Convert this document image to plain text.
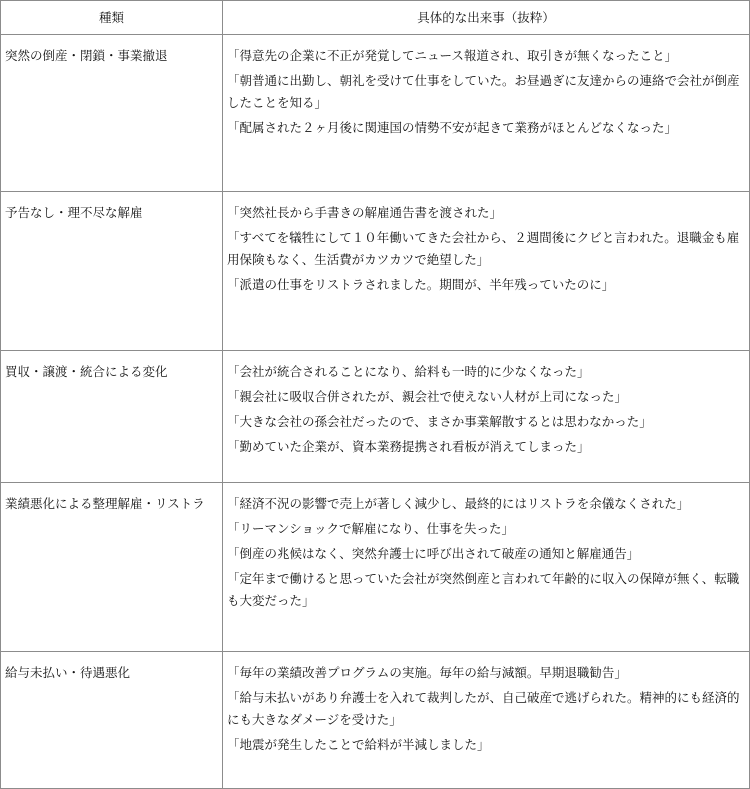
種類	具体的な出来事（抜粋）
突然の倒産・閉鎖・事業撤退	「得意先の企業に不正が発覚してニュース報道され、取引きが無くなったこと」
「朝普通に出勤し、朝礼を受けて仕事をしていた。お昼過ぎに友達からの連絡で会社が倒産したことを知る」
「配属された２ヶ月後に関連国の情勢不安が起きて業務がほとんどなくなった」

予告なし・理不尽な解雇	「突然社長から手書きの解雇通告書を渡された」
「すべてを犠牲にして１０年働いてきた会社から、２週間後にクビと言われた。退職金も雇用保険もなく、生活費がカツカツで絶望した」
「派遣の仕事をリストラされました。期間が、半年残っていたのに」

買収・譲渡・統合による変化	「会社が統合されることになり、給料も一時的に少なくなった」
「親会社に吸収合併されたが、親会社で使えない人材が上司になった」
「大きな会社の孫会社だったので、まさか事業解散するとは思わなかった」
「勤めていた企業が、資本業務提携され看板が消えてしまった」

業績悪化による整理解雇・リストラ	「経済不況の影響で売上が著しく減少し、最終的にはリストラを余儀なくされた」
「リーマンショックで解雇になり、仕事を失った」
「倒産の兆候はなく、突然弁護士に呼び出されて破産の通知と解雇通告」
「定年まで働けると思っていた会社が突然倒産と言われて年齢的に収入の保障が無く、転職も大変だった」

給与未払い・待遇悪化	「毎年の業績改善プログラムの実施。毎年の給与減額。早期退職勧告」
「給与未払いがあり弁護士を入れて裁判したが、自己破産で逃げられた。精神的にも経済的にも大きなダメージを受けた」
「地震が発生したことで給料が半減しました」
